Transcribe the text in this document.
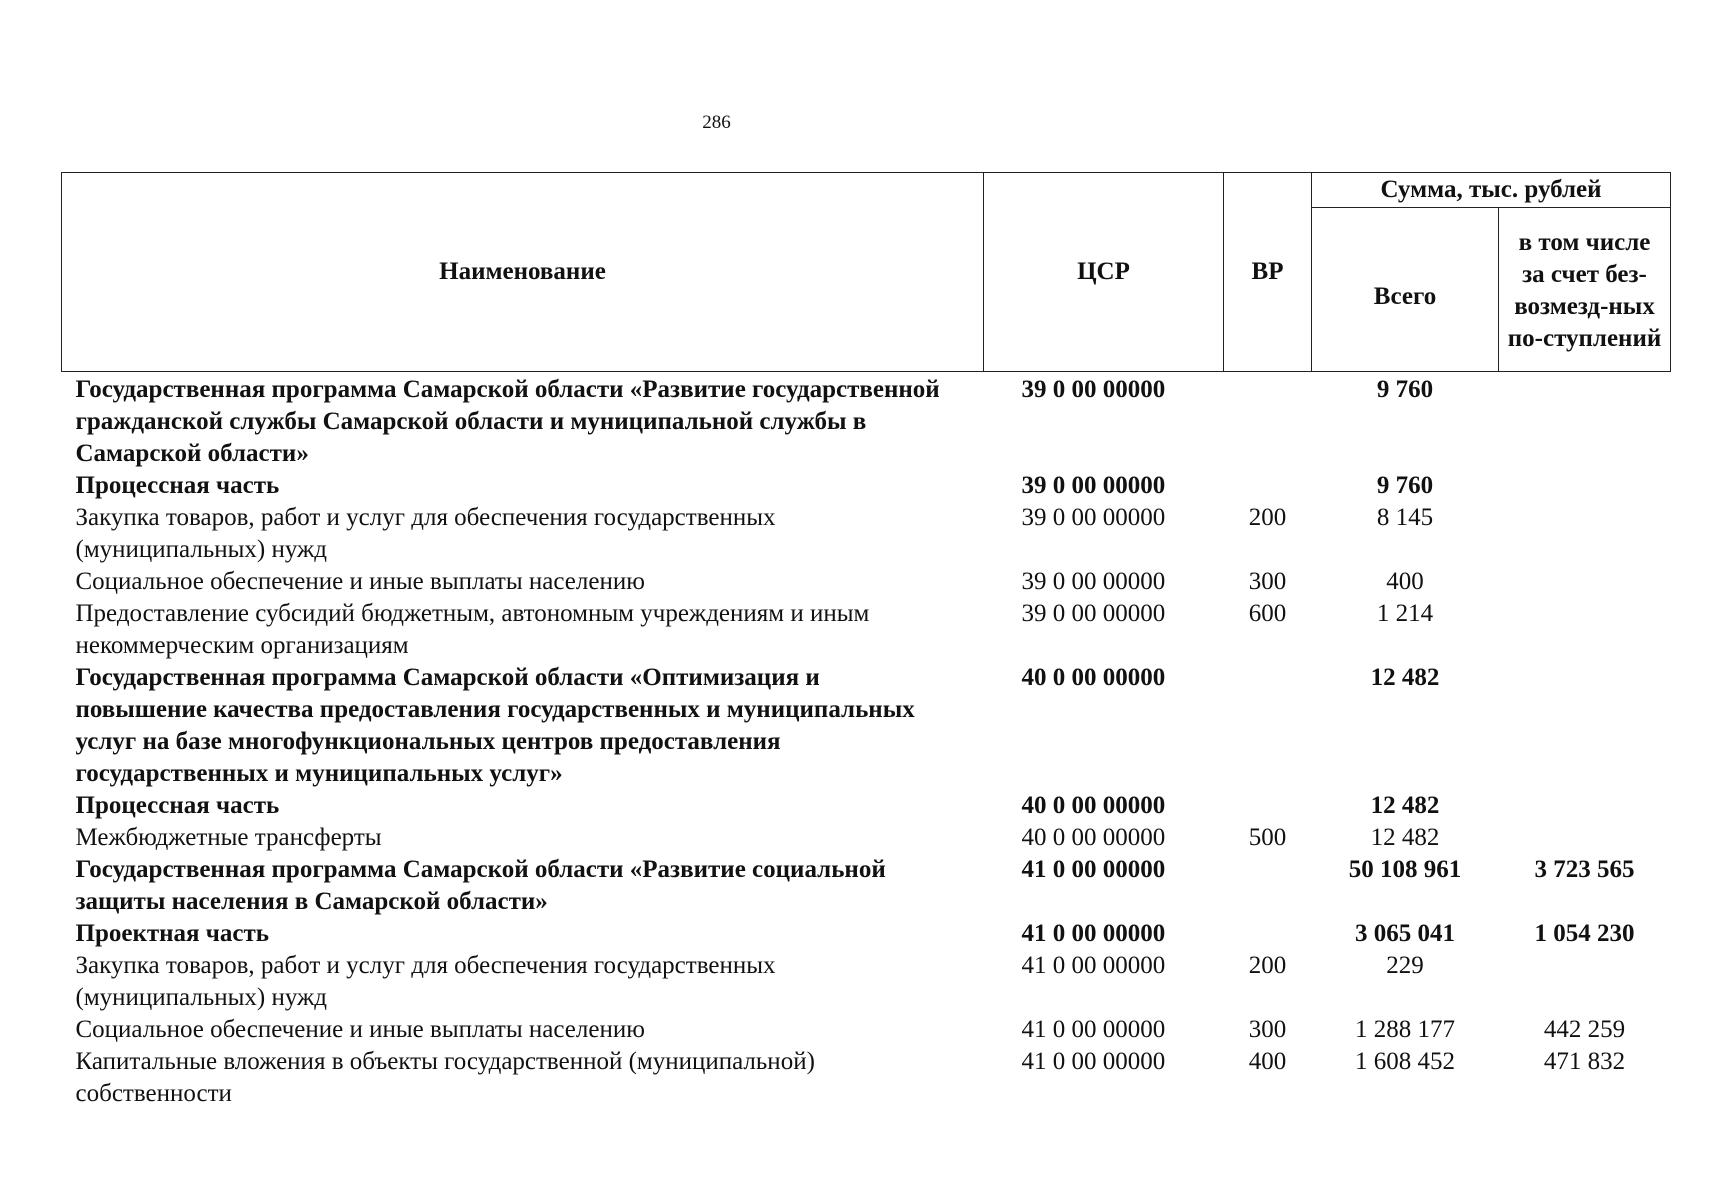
286
Наименование	ЦСР	ВР	Сумма, тыс. рублей	
			Всего	в том числе за счет без-возмезд-ных по-ступлений
Государственная программа Самарской области «Развитие государственной гражданской службы Самарской области и муниципальной службы в Самарской области»	39 0 00 00000		9 760	
Процессная часть	39 0 00 00000		9 760	
Закупка товаров, работ и услуг для обеспечения государственных (муниципальных) нужд	39 0 00 00000	200	8 145	
Социальное обеспечение и иные выплаты населению	39 0 00 00000	300	400	
Предоставление субсидий бюджетным, автономным учреждениям и иным некоммерческим организациям	39 0 00 00000	600	1 214	
Государственная программа Самарской области «Оптимизация и повышение качества предоставления государственных и муниципальных услуг на базе многофункциональных центров предоставления государственных и муниципальных услуг»	40 0 00 00000		12 482	
Процессная часть	40 0 00 00000		12 482	
Межбюджетные трансферты	40 0 00 00000	500	12 482	
Государственная программа Самарской области «Развитие социальной защиты населения в Самарской области»	41 0 00 00000		50 108 961	3 723 565
Проектная часть	41 0 00 00000		3 065 041	1 054 230
Закупка товаров, работ и услуг для обеспечения государственных (муниципальных) нужд	41 0 00 00000	200	229	
Социальное обеспечение и иные выплаты населению	41 0 00 00000	300	1 288 177	442 259
Капитальные вложения в объекты государственной (муниципальной) собственности	41 0 00 00000	400	1 608 452	471 832
